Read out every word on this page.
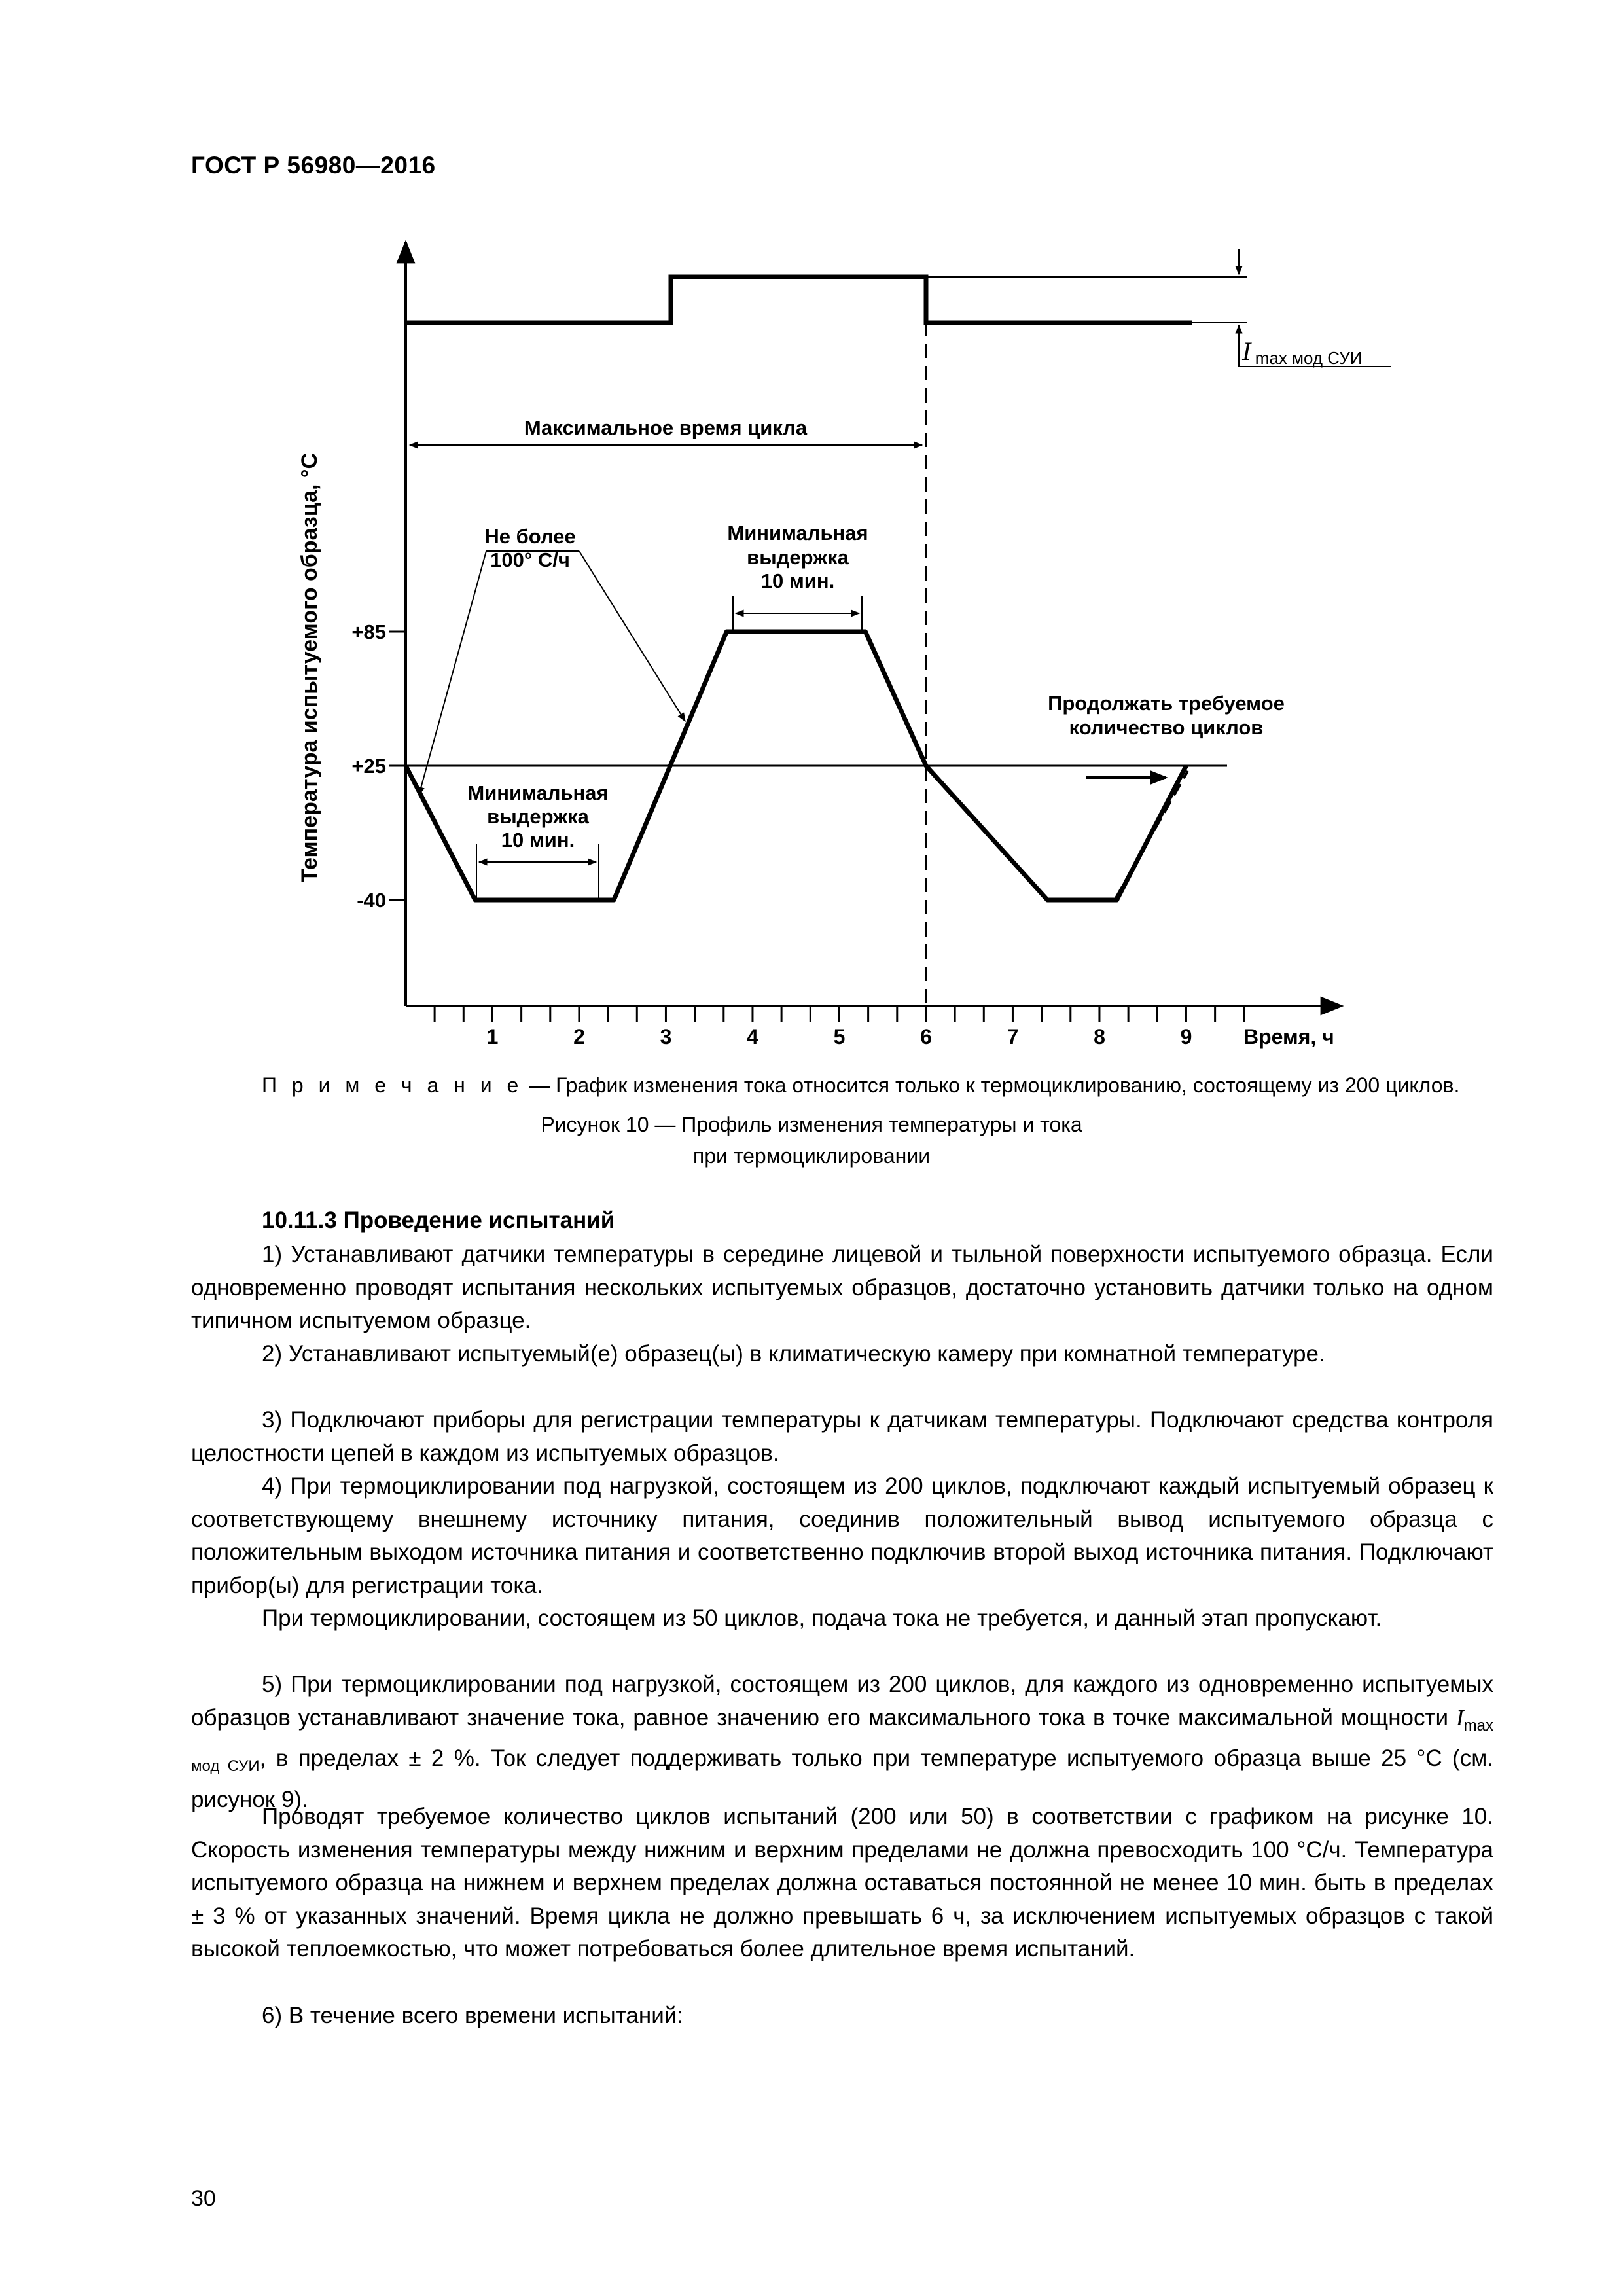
ГОСТ Р 56980—2016
1	2	3	4	5	6	7	8	9
+85
+25
-40
Температура испытуемого образца, °С
Время, ч
I max мод СУИ
Максимальное время цикла
Не более
100° С/ч
Минимальная
выдержка
10 мин.
Минимальная
выдержка
10 мин.
Продолжать требуемое
количество циклов
П р и м е ч а н и е — График изменения тока относится только к термоциклированию, состоящему из 200 циклов.
Рисунок 10 — Профиль изменения температуры и тока
при термоциклировании
10.11.3 Проведение испытаний

1) Устанавливают датчики температуры в середине лицевой и тыльной поверхности испытуемого образца. Если одновременно проводят испытания нескольких испытуемых образцов, достаточно установить датчики только на одном типичном испытуемом образце.

2) Устанавливают испытуемый(е) образец(ы) в климатическую камеру при комнатной температуре.

3) Подключают приборы для регистрации температуры к датчикам температуры. Подключают средства контроля целостности цепей в каждом из испытуемых образцов.

4) При термоциклировании под нагрузкой, состоящем из 200 циклов, подключают каждый испытуемый образец к соответствующему внешнему источнику питания, соединив положительный вывод испытуемого образца с положительным выходом источника питания и соответственно подключив второй выход источника питания. Подключают прибор(ы) для регистрации тока.

При термоциклировании, состоящем из 50 циклов, подача тока не требуется, и данный этап пропускают.

5) При термоциклировании под нагрузкой, состоящем из 200 циклов, для каждого из одновременно испытуемых образцов устанавливают значение тока, равное значению его максимального тока в точке максимальной мощности $I_{max мод СУИ}$, в пределах ± 2 %. Ток следует поддерживать только при температуре испытуемого образца выше 25 °С (см. рисунок 9).

Проводят требуемое количество циклов испытаний (200 или 50) в соответствии с графиком на рисунке 10. Скорость изменения температуры между нижним и верхним пределами не должна превосходить 100 °С/ч. Температура испытуемого образца на нижнем и верхнем пределах должна оставаться постоянной не менее 10 мин. быть в пределах ± 3 % от указанных значений. Время цикла не должно превышать 6 ч, за исключением испытуемых образцов с такой высокой теплоемкостью, что может потребоваться более длительное время испытаний.

6) В течение всего времени испытаний:

30
